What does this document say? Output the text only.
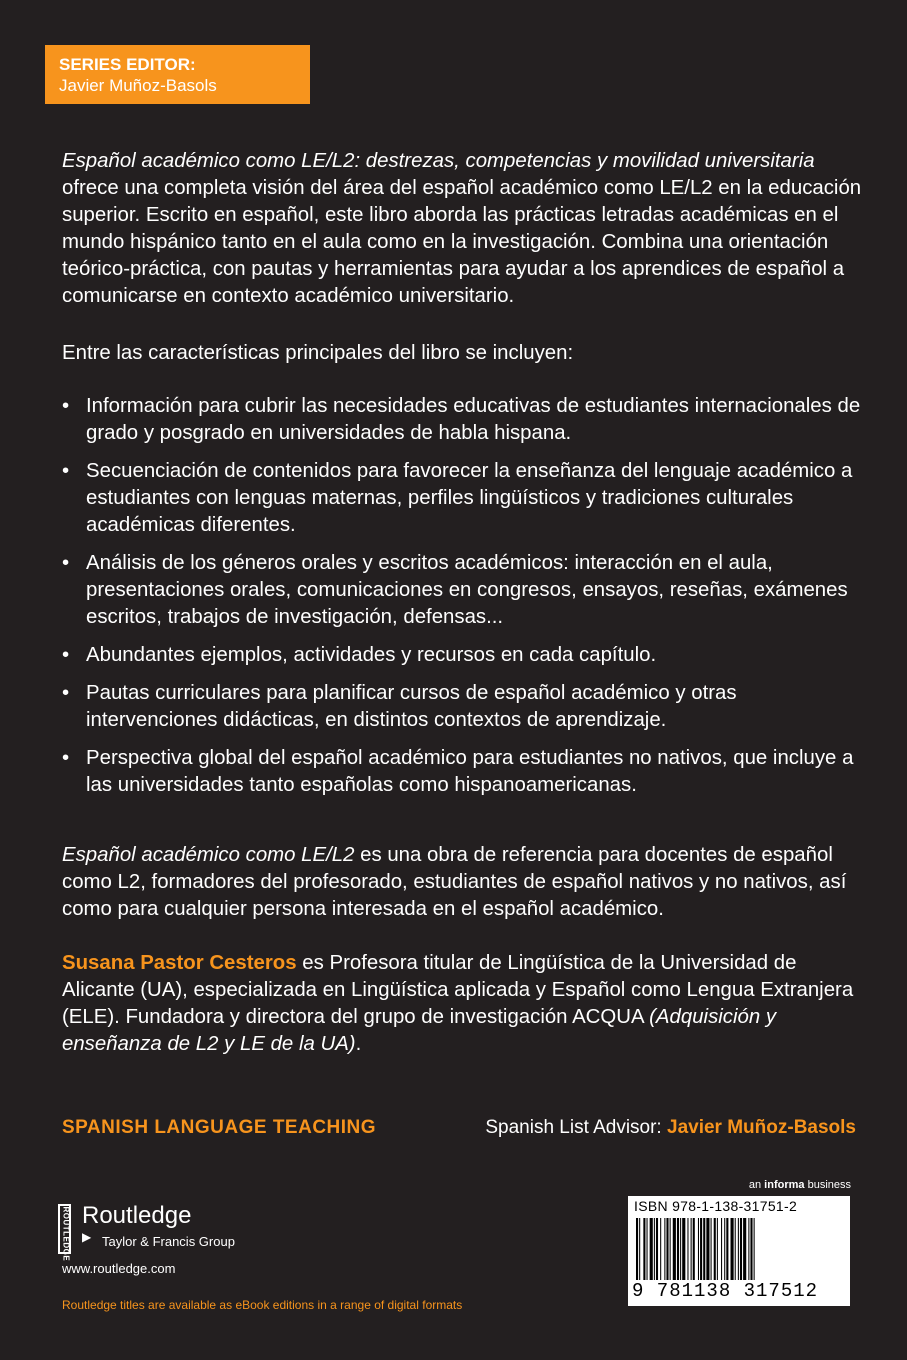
SERIES EDITOR:
Javier Muñoz-Basols
Español académico como LE/L2: destrezas, competencias y movilidad universitaria ofrece una completa visión del área del español académico como LE/L2 en la educación superior. Escrito en español, este libro aborda las prácticas letradas académicas en el mundo hispánico tanto en el aula como en la investigación. Combina una orientación teórico-práctica, con pautas y herramientas para ayudar a los aprendices de español a comunicarse en contexto académico universitario.
Entre las características principales del libro se incluyen:
• Información para cubrir las necesidades educativas de estudiantes internacionales de grado y posgrado en universidades de habla hispana.
• Secuenciación de contenidos para favorecer la enseñanza del lenguaje académico a estudiantes con lenguas maternas, perfiles lingüísticos y tradiciones culturales académicas diferentes.
• Análisis de los géneros orales y escritos académicos: interacción en el aula, presentaciones orales, comunicaciones en congresos, ensayos, reseñas, exámenes escritos, trabajos de investigación, defensas...
• Abundantes ejemplos, actividades y recursos en cada capítulo.
• Pautas curriculares para planificar cursos de español académico y otras intervenciones didácticas, en distintos contextos de aprendizaje.
• Perspectiva global del español académico para estudiantes no nativos, que incluye a las universidades tanto españolas como hispanoamericanas.
Español académico como LE/L2 es una obra de referencia para docentes de español como L2, formadores del profesorado, estudiantes de español nativos y no nativos, así como para cualquier persona interesada en el español académico.
Susana Pastor Cesteros es Profesora titular de Lingüística de la Universidad de Alicante (UA), especializada en Lingüística aplicada y Español como Lengua Extranjera (ELE). Fundadora y directora del grupo de investigación ACQUA (Adquisición y enseñanza de L2 y LE de la UA).
SPANISH LANGUAGE TEACHING	Spanish List Advisor: Javier Muñoz-Basols
an informa business
ROUTLEDGE ▶
Routledge
Taylor & Francis Group
www.routledge.com
Routledge titles are available as eBook editions in a range of digital formats
ISBN 978-1-138-31751-2
9 781138 317512
